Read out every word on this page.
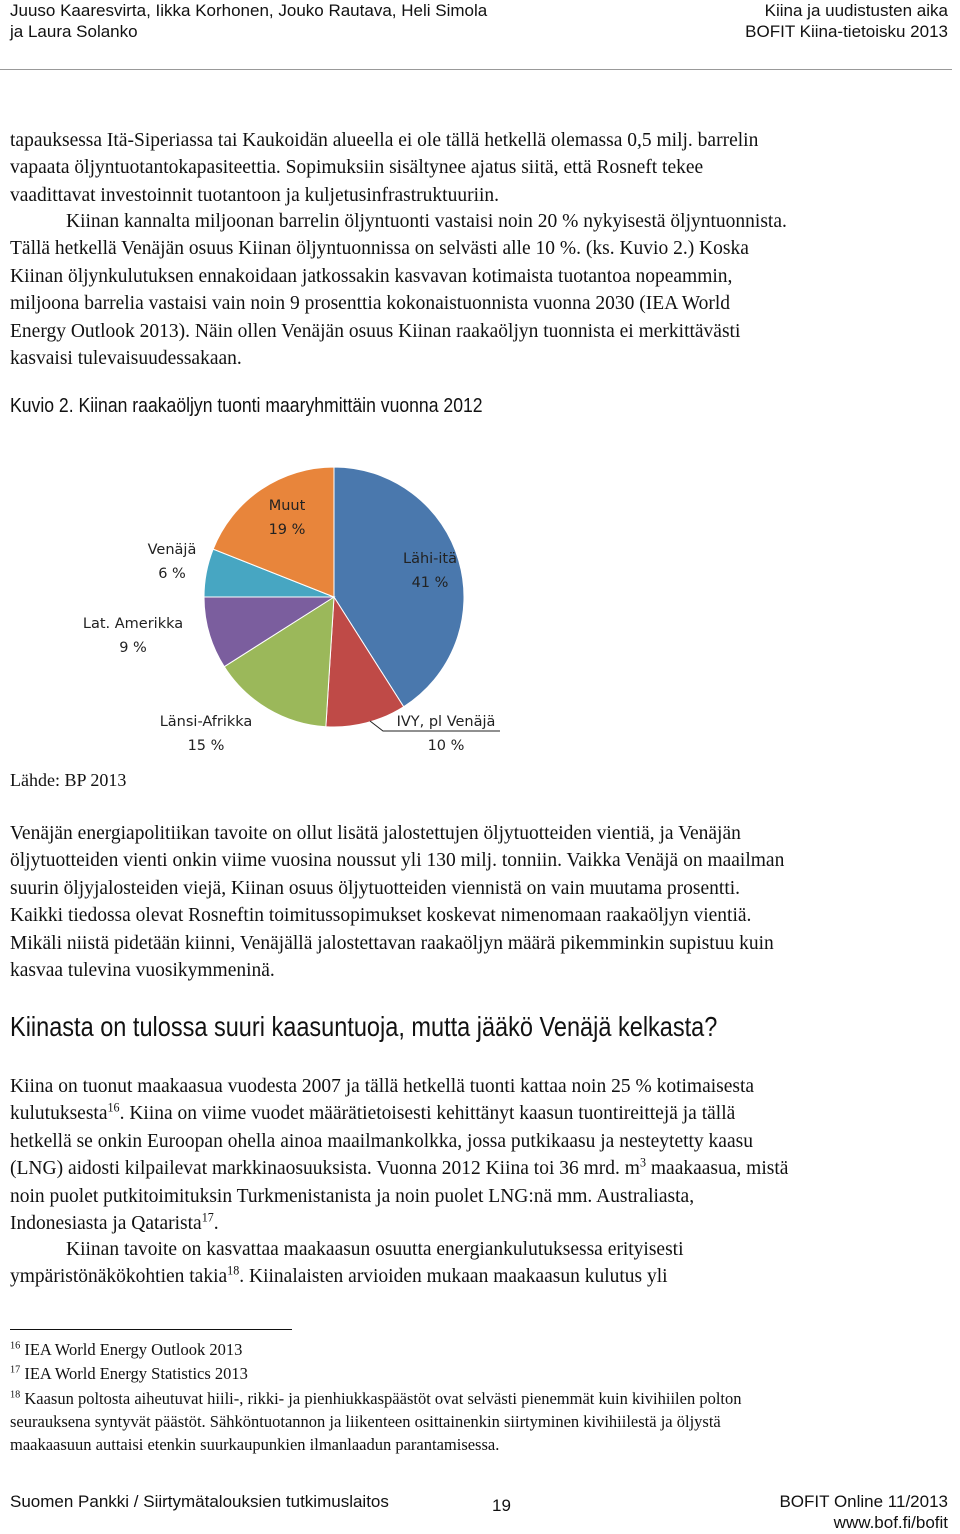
Juuso Kaaresvirta, Iikka Korhonen, Jouko Rautava, Heli Simola
ja Laura Solanko
Kiina ja uudistusten aika
BOFIT Kiina-tietoisku 2013
tapauksessa Itä-Siperiassa tai Kaukoidän alueella ei ole tällä hetkellä olemassa 0,5 milj. barrelin
vapaata öljyntuotantokapasiteettia. Sopimuksiin sisältynee ajatus siitä, että Rosneft tekee
vaadittavat investoinnit tuotantoon ja kuljetusinfrastruktuuriin.
Kiinan kannalta miljoonan barrelin öljyntuonti vastaisi noin 20 % nykyisestä öljyntuonnista.
Tällä hetkellä Venäjän osuus Kiinan öljyntuonnissa on selvästi alle 10 %. (ks. Kuvio 2.) Koska
Kiinan öljynkulutuksen ennakoidaan jatkossakin kasvavan kotimaista tuotantoa nopeammin,
miljoona barrelia vastaisi vain noin 9 prosenttia kokonaistuonnista vuonna 2030 (IEA World
Energy Outlook 2013). Näin ollen Venäjän osuus Kiinan raakaöljyn tuonnista ei merkittävästi
kasvaisi tulevaisuudessakaan.
Kuvio 2. Kiinan raakaöljyn tuonti maaryhmittäin vuonna 2012
Lähi-itä
41 %
IVY, pl Venäjä
10 %
Länsi-Afrikka
15 %
Lat. Amerikka
9 %
Venäjä
6 %
Muut
19 %
Lähde: BP 2013
Venäjän energiapolitiikan tavoite on ollut lisätä jalostettujen öljytuotteiden vientiä, ja Venäjän
öljytuotteiden vienti onkin viime vuosina noussut yli 130 milj. tonniin. Vaikka Venäjä on maailman
suurin öljyjalosteiden viejä, Kiinan osuus öljytuotteiden viennistä on vain muutama prosentti.
Kaikki tiedossa olevat Rosneftin toimitussopimukset koskevat nimenomaan raakaöljyn vientiä.
Mikäli niistä pidetään kiinni, Venäjällä jalostettavan raakaöljyn määrä pikemminkin supistuu kuin
kasvaa tulevina vuosikymmeninä.
Kiinasta on tulossa suuri kaasuntuoja, mutta jääkö Venäjä kelkasta?
Kiina on tuonut maakaasua vuodesta 2007 ja tällä hetkellä tuonti kattaa noin 25 % kotimaisesta
kulutuksesta$^{16}$. Kiina on viime vuodet määrätietoisesti kehittänyt kaasun tuontireittejä ja tällä
hetkellä se onkin Euroopan ohella ainoa maailmankolkka, jossa putkikaasu ja nesteytetty kaasu
(LNG) aidosti kilpailevat markkinaosuuksista. Vuonna 2012 Kiina toi 36 mrd. $m^3$ maakaasua, mistä
noin puolet putkitoimituksin Turkmenistanista ja noin puolet LNG:nä mm. Australiasta,
Indonesiasta ja Qatarista$^{17}$.
Kiinan tavoite on kasvattaa maakaasun osuutta energiankulutuksessa erityisesti
ympäristönäkökohtien takia$^{18}$. Kiinalaisten arvioiden mukaan maakaasun kulutus yli
$^{16}$ IEA World Energy Outlook 2013
$^{17}$ IEA World Energy Statistics 2013
$^{18}$ Kaasun poltosta aiheutuvat hiili-, rikki- ja pienhiukkaspäästöt ovat selvästi pienemmät kuin kivihiilen polton
seurauksena syntyvät päästöt. Sähköntuotannon ja liikenteen osittainenkin siirtyminen kivihiilestä ja öljystä
maakaasuun auttaisi etenkin suurkaupunkien ilmanlaadun parantamisessa.
Suomen Pankki / Siirtymätalouksien tutkimuslaitos	19	BOFIT Online 11/2013
www.bof.fi/bofit
